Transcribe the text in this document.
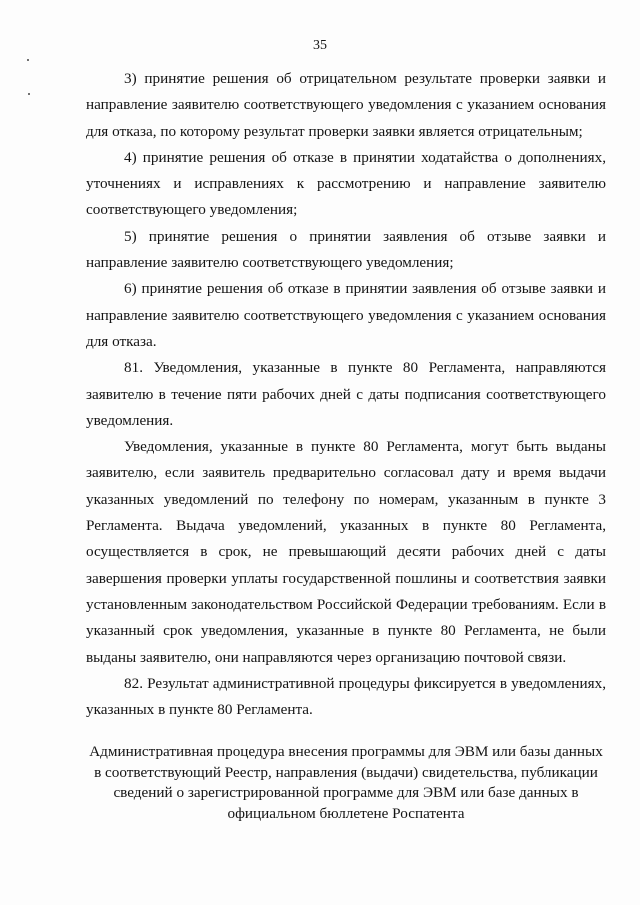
35

3) принятие решения об отрицательном результате проверки заявки и направление заявителю соответствующего уведомления с указанием основания для отказа, по которому результат проверки заявки является отрицательным;

4) принятие решения об отказе в принятии ходатайства о дополнениях, уточнениях и исправлениях к рассмотрению и направление заявителю соответствующего уведомления;

5) принятие решения о принятии заявления об отзыве заявки и направление заявителю соответствующего уведомления;

6) принятие решения об отказе в принятии заявления об отзыве заявки и направление заявителю соответствующего уведомления с указанием основания для отказа.

81. Уведомления, указанные в пункте 80 Регламента, направляются заявителю в течение пяти рабочих дней с даты подписания соответствующего уведомления.

Уведомления, указанные в пункте 80 Регламента, могут быть выданы заявителю, если заявитель предварительно согласовал дату и время выдачи указанных уведомлений по телефону по номерам, указанным в пункте 3 Регламента. Выдача уведомлений, указанных в пункте 80 Регламента, осуществляется в срок, не превышающий десяти рабочих дней с даты завершения проверки уплаты государственной пошлины и соответствия заявки установленным законодательством Российской Федерации требованиям. Если в указанный срок уведомления, указанные в пункте 80 Регламента, не были выданы заявителю, они направляются через организацию почтовой связи.

82. Результат административной процедуры фиксируется в уведомлениях, указанных в пункте 80 Регламента.

Административная процедура внесения программы для ЭВМ или базы данных
в соответствующий Реестр, направления (выдачи) свидетельства, публикации
сведений о зарегистрированной программе для ЭВМ или базе данных в
официальном бюллетене Роспатента
